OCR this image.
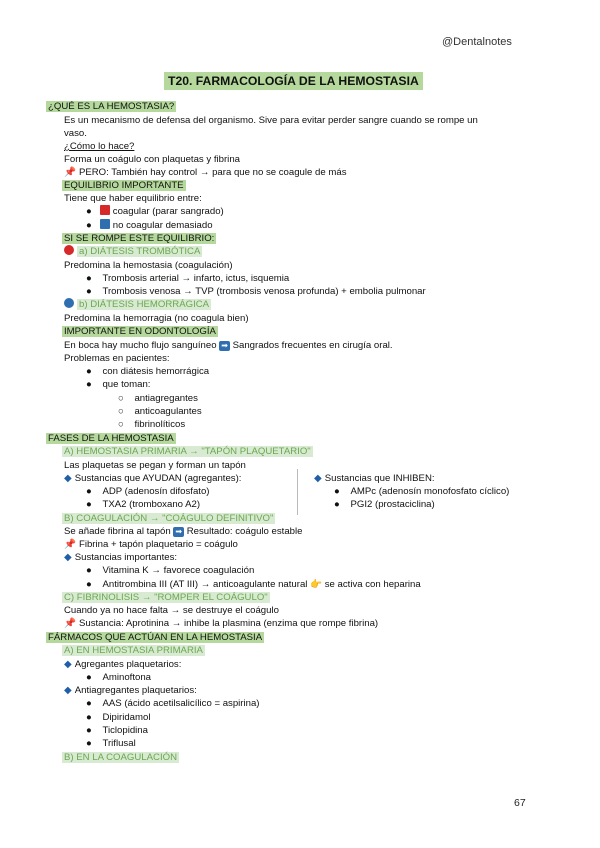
@Dentalnotes
T20. FARMACOLOGÍA DE LA HEMOSTASIA
¿QUÉ ES LA HEMOSTASIA?
Es un mecanismo de defensa del organismo. Sive para evitar perder sangre cuando se rompe un
vaso.
¿Cómo lo hace?
Forma un coágulo con plaquetas y fibrina
📌 PERO: También hay control → para que no se coagule de más
EQUILIBRIO IMPORTANTE
Tiene que haber equilibrio entre:
●   coagular (parar sangrado)
●   no coagular demasiado
SI SE ROMPE ESTE EQUILIBRIO:
a) DIÁTESIS TROMBÓTICA
Predomina la hemostasia (coagulación)
●    Trombosis arterial → infarto, ictus, isquemia
●    Trombosis venosa → TVP (trombosis venosa profunda) + embolia pulmonar
b) DIÁTESIS HEMORRÁGICA
Predomina la hemorragia (no coagula bien)
IMPORTANTE EN ODONTOLOGÍA
En boca hay mucho flujo sanguíneo ➡ Sangrados frecuentes en cirugía oral.
Problemas en pacientes:
●    con diátesis hemorrágica
●    que toman:
○    antiagregantes
○    anticoagulantes
○    fibrinolíticos
FASES DE LA HEMOSTASIA
A) HEMOSTASIA PRIMARIA → "TAPÓN PLAQUETARIO"
Las plaquetas se pegan y forman un tapón
◆ Sustancias que AYUDAN (agregantes):
●    ADP (adenosín difosfato)
●    TXA2 (tromboxano A2)
◆ Sustancias que INHIBEN:
●    AMPc (adenosín monofosfato cíclico)
●    PGI2 (prostaciclina)
B) COAGULACIÓN → "COÁGULO DEFINITIVO"
Se añade fibrina al tapón ➡ Resultado: coágulo estable
📌 Fibrina + tapón plaquetario = coágulo
◆ Sustancias importantes:
●    Vitamina K → favorece coagulación
●    Antitrombina III (AT III) → anticoagulante natural 👉 se activa con heparina
C) FIBRINOLISIS → "ROMPER EL COÁGULO"
Cuando ya no hace falta → se destruye el coágulo
📌 Sustancia: Aprotinina → inhibe la plasmina (enzima que rompe fibrina)
FÁRMACOS QUE ACTÚAN EN LA HEMOSTASIA
A) EN HEMOSTASIA PRIMARIA
◆ Agregantes plaquetarios:
●    Aminoftona
◆ Antiagregantes plaquetarios:
●    AAS (ácido acetilsalicílico = aspirina)
●    Dipiridamol
●    Ticlopidina
●    Triflusal
B) EN LA COAGULACIÓN
67
